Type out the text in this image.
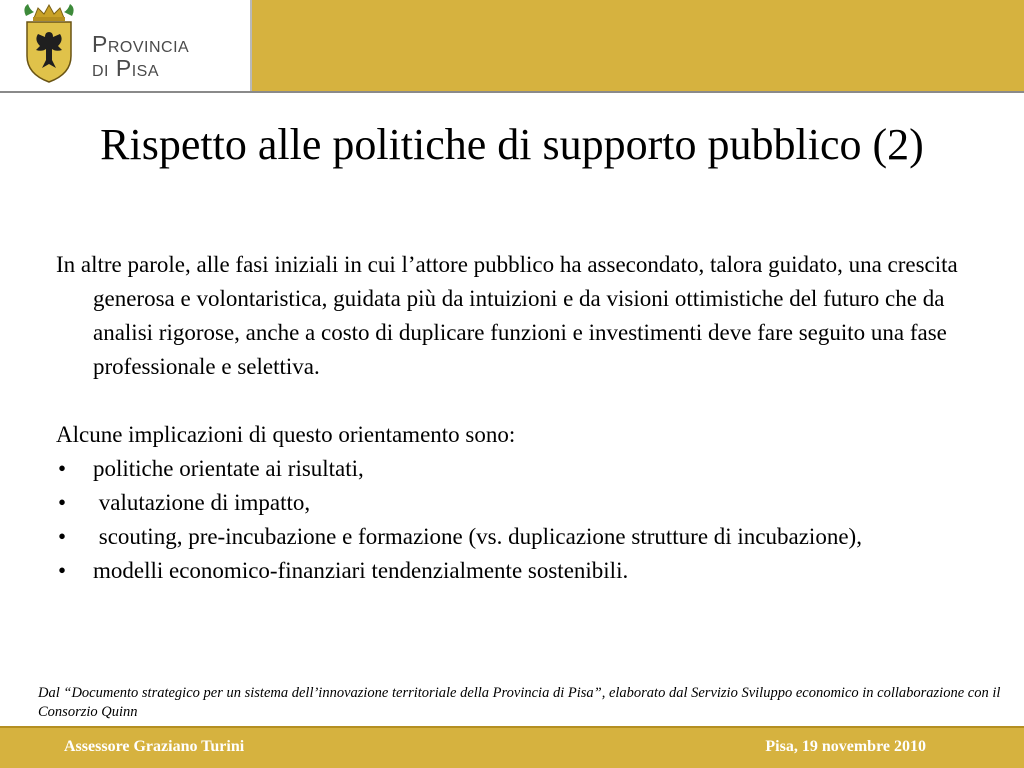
Provincia
di Pisa
Rispetto alle politiche di supporto pubblico (2)

In altre parole, alle fasi iniziali in cui l’attore pubblico ha assecondato, talora guidato, una crescita generosa e volontaristica, guidata più da intuizioni e da visioni ottimistiche del futuro che da analisi rigorose, anche a costo di duplicare funzioni e investimenti deve fare seguito una fase professionale e selettiva.

Alcune implicazioni di questo orientamento sono:

• politiche orientate ai risultati,
• valutazione di impatto,
• scouting, pre-incubazione e formazione (vs. duplicazione strutture di incubazione),
• modelli economico-finanziari tendenzialmente sostenibili.
Dal “Documento strategico per un sistema dell’innovazione territoriale della Provincia di Pisa”, elaborato dal Servizio Sviluppo economico in collaborazione con il Consorzio Quinn
Assessore Graziano Turini	Pisa, 19 novembre 2010
